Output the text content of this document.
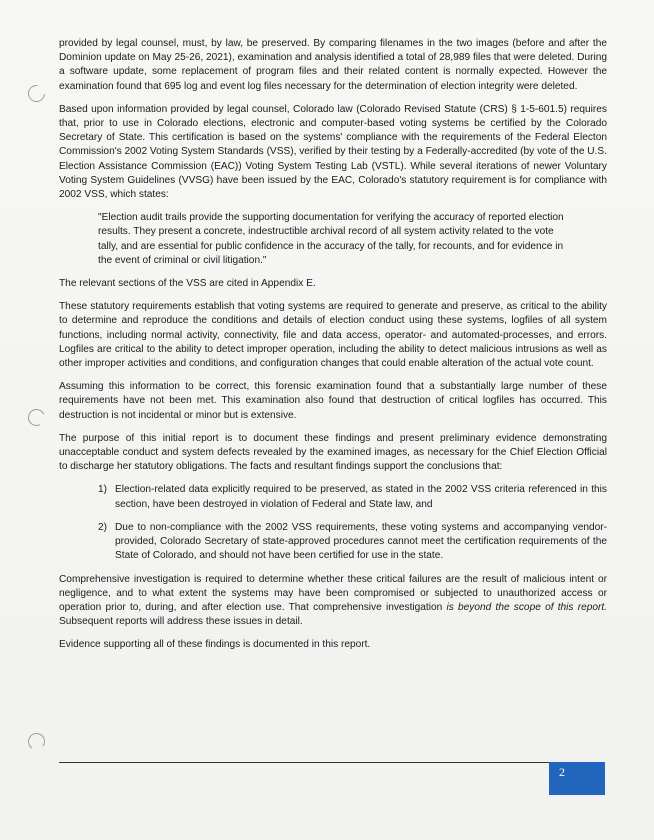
provided by legal counsel, must, by law, be preserved. By comparing filenames in the two images (before and after the Dominion update on May 25-26, 2021), examination and analysis identified a total of 28,989 files that were deleted. During a software update, some replacement of program files and their related content is normally expected. However the examination found that 695 log and event log files necessary for the determination of election integrity were deleted.

Based upon information provided by legal counsel, Colorado law (Colorado Revised Statute (CRS) § 1-5-601.5) requires that, prior to use in Colorado elections, electronic and computer-based voting systems be certified by the Colorado Secretary of State. This certification is based on the systems' compliance with the requirements of the Federal Electon Commission's 2002 Voting System Standards (VSS), verified by their testing by a Federally-accredited (by vote of the U.S. Election Assistance Commission (EAC)) Voting System Testing Lab (VSTL). While several iterations of newer Voluntary Voting System Guidelines (VVSG) have been issued by the EAC, Colorado's statutory requirement is for compliance with 2002 VSS, which states:

"Election audit trails provide the supporting documentation for verifying the accuracy of reported election results. They present a concrete, indestructible archival record of all system activity related to the vote tally, and are essential for public confidence in the accuracy of the tally, for recounts, and for evidence in the event of criminal or civil litigation."

The relevant sections of the VSS are cited in Appendix E.

These statutory requirements establish that voting systems are required to generate and preserve, as critical to the ability to determine and reproduce the conditions and details of election conduct using these systems, logfiles of all system functions, including normal activity, connectivity, file and data access, operator- and automated-processes, and errors. Logfiles are critical to the ability to detect improper operation, including the ability to detect malicious intrusions as well as other improper activities and conditions, and configuration changes that could enable alteration of the actual vote count.

Assuming this information to be correct, this forensic examination found that a substantially large number of these requirements have not been met. This examination also found that destruction of critical logfiles has occurred. This destruction is not incidental or minor but is extensive.

The purpose of this initial report is to document these findings and present preliminary evidence demonstrating unacceptable conduct and system defects revealed by the examined images, as necessary for the Chief Election Official to discharge her statutory obligations. The facts and resultant findings support the conclusions that:

1) Election-related data explicitly required to be preserved, as stated in the 2002 VSS criteria referenced in this section, have been destroyed in violation of Federal and State law, and
2) Due to non-compliance with the 2002 VSS requirements, these voting systems and accompanying vendor-provided, Colorado Secretary of state-approved procedures cannot meet the certification requirements of the State of Colorado, and should not have been certified for use in the state.

Comprehensive investigation is required to determine whether these critical failures are the result of malicious intent or negligence, and to what extent the systems may have been compromised or subjected to unauthorized access or operation prior to, during, and after election use. That comprehensive investigation is beyond the scope of this report. Subsequent reports will address these issues in detail.

Evidence supporting all of these findings is documented in this report.

2
